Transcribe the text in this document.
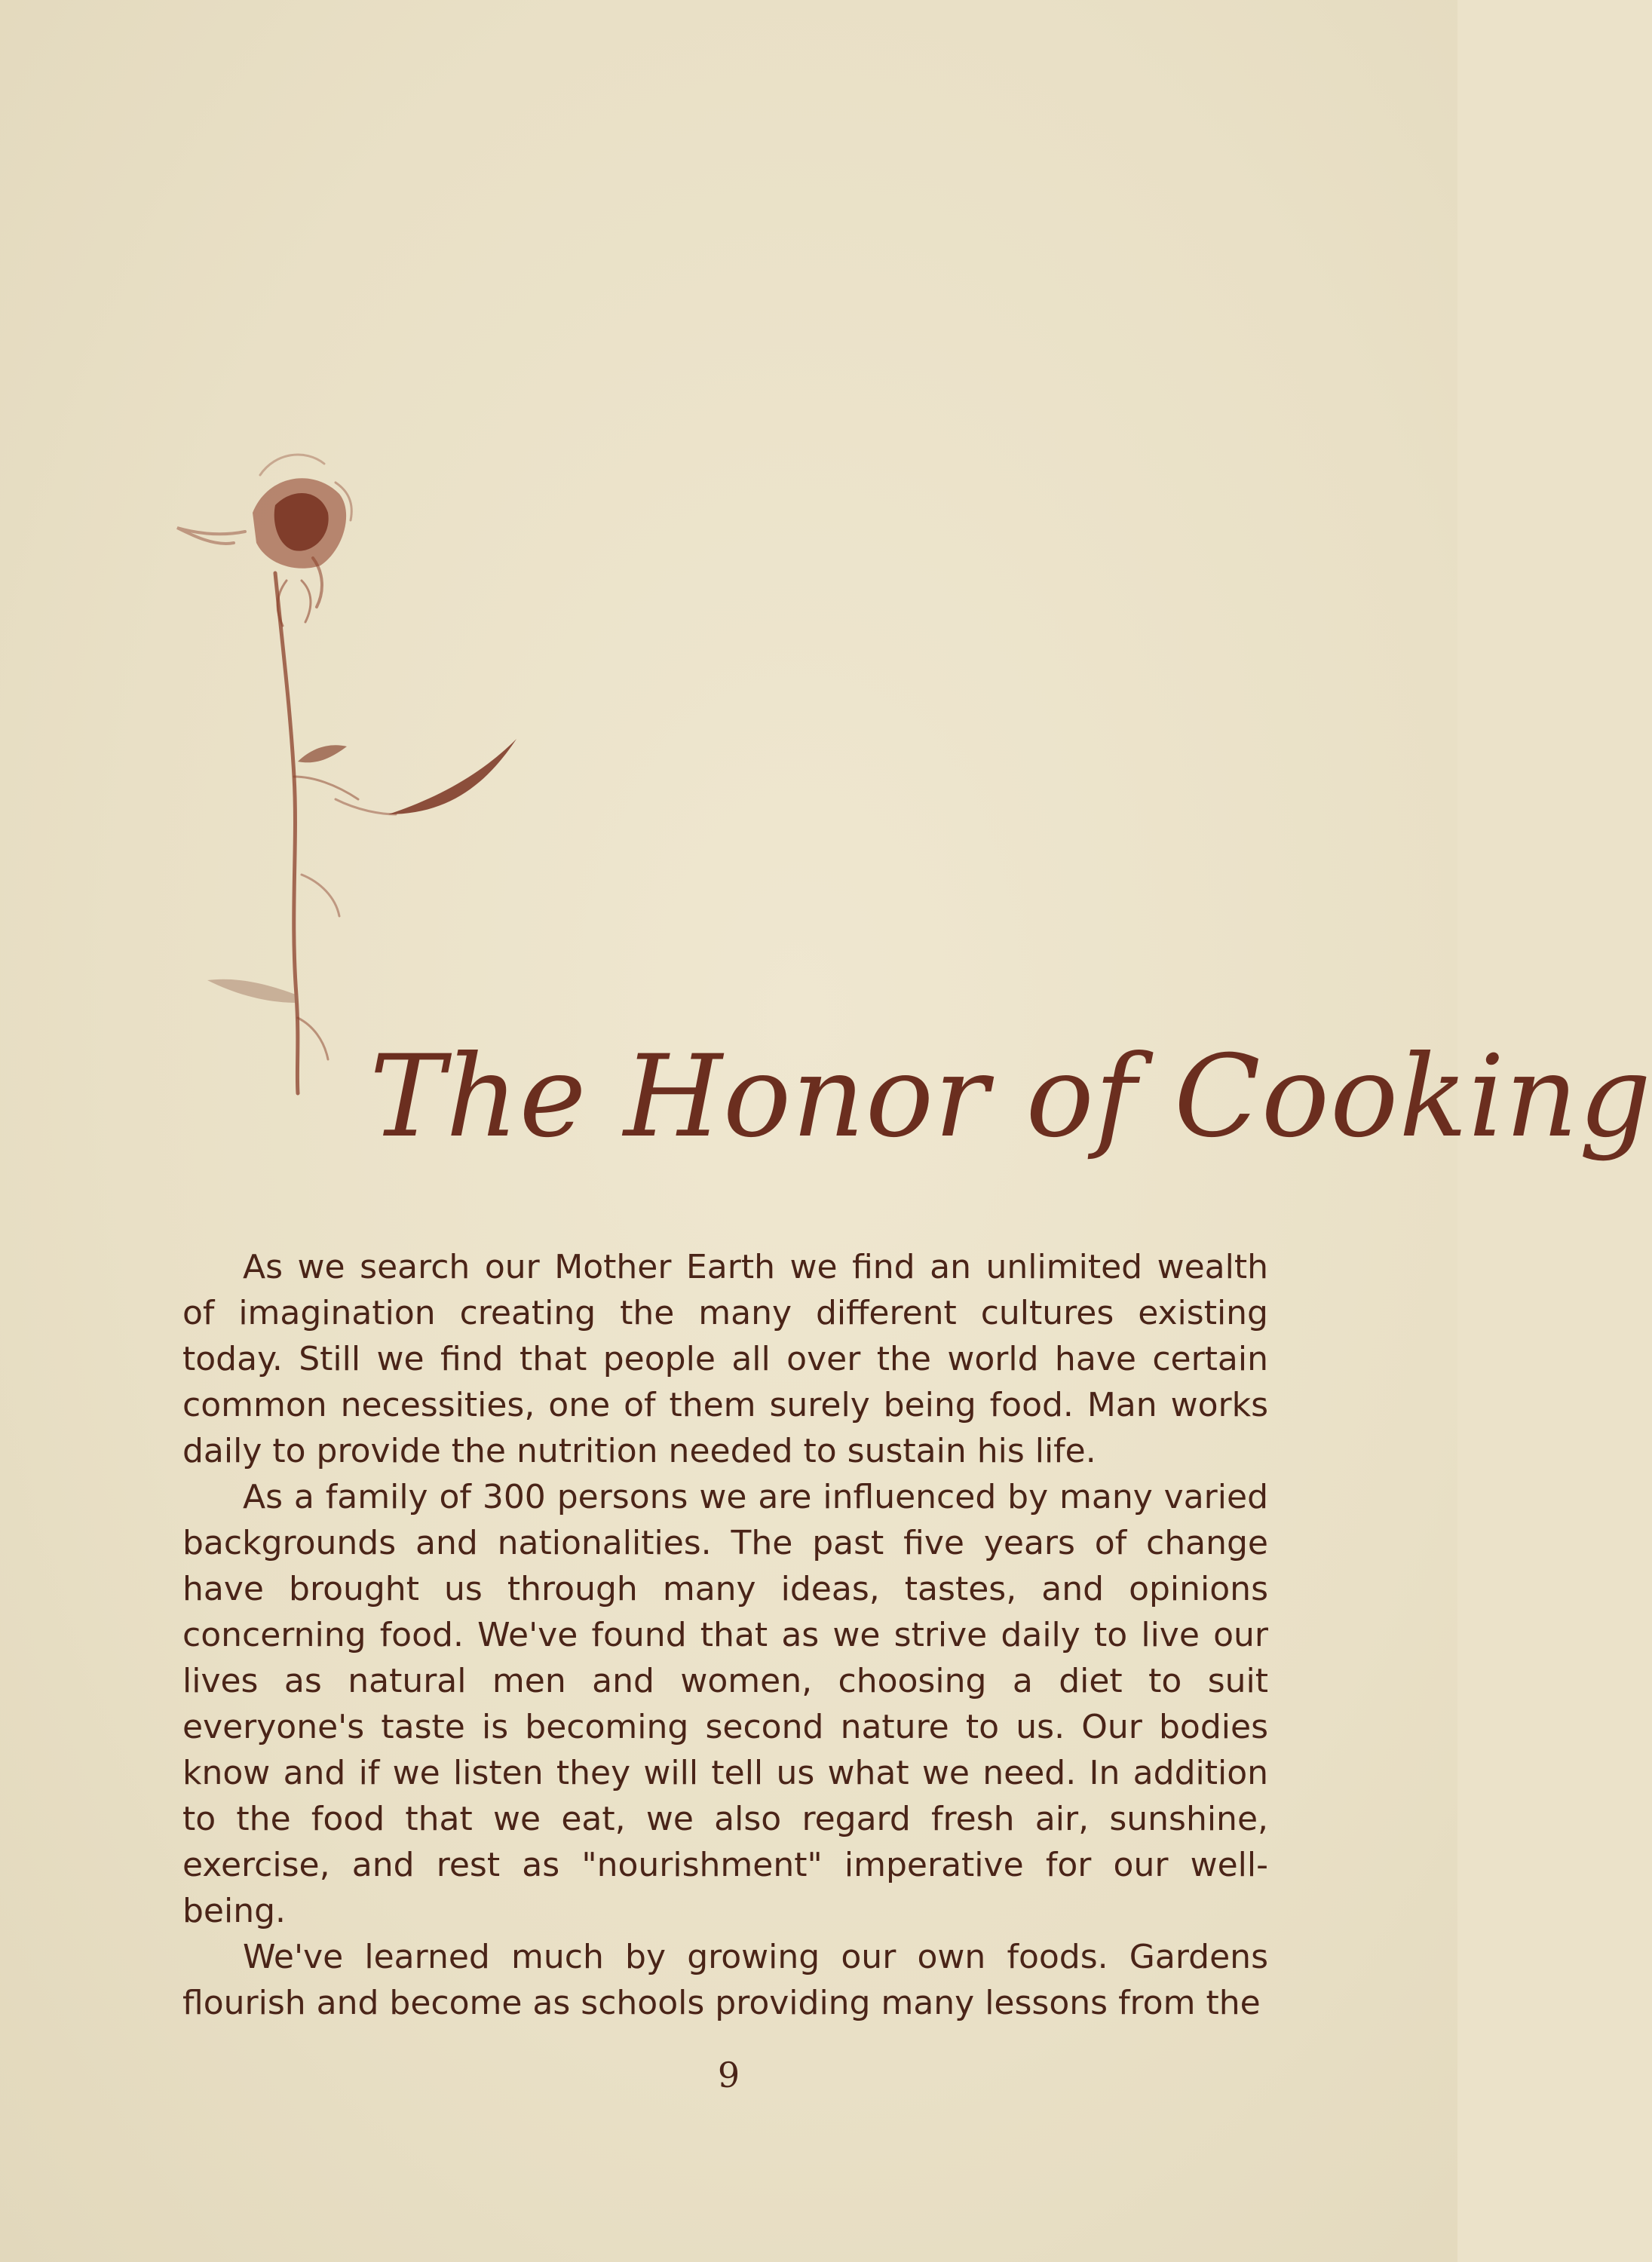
The Honor of Cooking

As we search our Mother Earth we find an unlimited wealth of imagination creating the many different cultures existing today. Still we find that people all over the world have certain common necessities, one of them surely being food. Man works daily to provide the nutrition needed to sustain his life.

As a family of 300 persons we are influenced by many varied backgrounds and nationalities. The past five years of change have brought us through many ideas, tastes, and opinions concerning food. We've found that as we strive daily to live our lives as natural men and women, choosing a diet to suit everyone's taste is becoming second nature to us. Our bodies know and if we listen they will tell us what we need. In addition to the food that we eat, we also regard fresh air, sunshine, exercise, and rest as "nourishment" imperative for our well-being.

We've learned much by growing our own foods. Gardens flourish and become as schools providing many lessons from the

9
